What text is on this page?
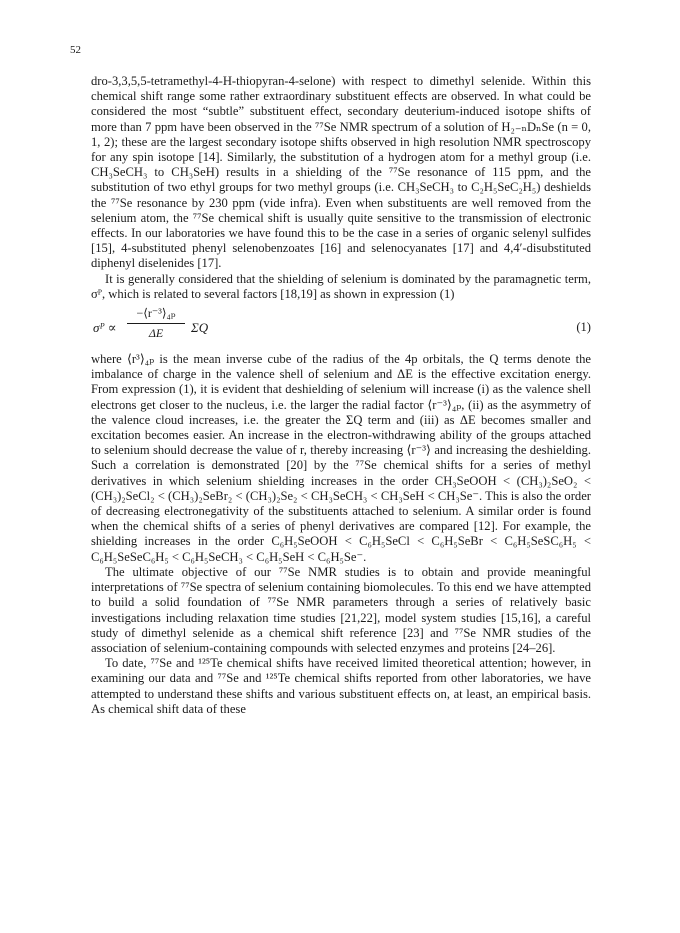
52

dro-3,3,5,5-tetramethyl-4-H-thiopyran-4-selone) with respect to dimethyl selenide. Within this chemical shift range some rather extraordinary substituent effects are observed. In what could be considered the most “subtle” substituent effect, secondary deuterium-induced isotope shifts of more than 7 ppm have been observed in the ⁷⁷Se NMR spectrum of a solution of H₂₋ₙDₙSe (n = 0, 1, 2); these are the largest secondary isotope shifts observed in high resolution NMR spectroscopy for any spin isotope [14]. Similarly, the substitution of a hydrogen atom for a methyl group (i.e. CH₃SeCH₃ to CH₃SeH) results in a shielding of the ⁷⁷Se resonance of 115 ppm, and the substitution of two ethyl groups for two methyl groups (i.e. CH₃SeCH₃ to C₂H₅SeC₂H₅) deshields the ⁷⁷Se resonance by 230 ppm (vide infra). Even when substituents are well removed from the selenium atom, the ⁷⁷Se chemical shift is usually quite sensitive to the transmission of electronic effects. In our laboratories we have found this to be the case in a series of organic selenyl sulfides [15], 4-substituted phenyl selenobenzoates [16] and selenocyanates [17] and 4,4′-disubstituted diphenyl diselenides [17].

It is generally considered that the shielding of selenium is dominated by the paramagnetic term, σᴾ, which is related to several factors [18,19] as shown in expression (1)

σᴾ ∝ $\frac{\text{−⟨r⁻³⟩₄ₚ}}{\Delta E}$ ΣQ	(1)

where ⟨r³⟩₄ₚ is the mean inverse cube of the radius of the 4p orbitals, the Q terms denote the imbalance of charge in the valence shell of selenium and ΔE is the effective excitation energy. From expression (1), it is evident that deshielding of selenium will increase (i) as the valence shell electrons get closer to the nucleus, i.e. the larger the radial factor ⟨r⁻³⟩₄ₚ, (ii) as the asymmetry of the valence cloud increases, i.e. the greater the ΣQ term and (iii) as ΔE becomes smaller and excitation becomes easier. An increase in the electron-withdrawing ability of the groups attached to selenium should decrease the value of r, thereby increasing ⟨r⁻³⟩ and increasing the deshielding. Such a correlation is demonstrated [20] by the ⁷⁷Se chemical shifts for a series of methyl derivatives in which selenium shielding increases in the order CH₃SeOOH < (CH₃)₂SeO₂ < (CH₃)₂SeCl₂ < (CH₃)₂SeBr₂ < (CH₃)₂Se₂ < CH₃SeCH₃ < CH₃SeH < CH₃Se⁻. This is also the order of decreasing electronegativity of the substituents attached to selenium. A similar order is found when the chemical shifts of a series of phenyl derivatives are compared [12]. For example, the shielding increases in the order C₆H₅SeOOH < C₆H₅SeCl < C₆H₅SeBr < C₆H₅SeSC₆H₅ < C₆H₅SeSeC₆H₅ < C₆H₅SeCH₃ < C₆H₅SeH < C₆H₅Se⁻.

The ultimate objective of our ⁷⁷Se NMR studies is to obtain and provide meaningful interpretations of ⁷⁷Se spectra of selenium containing biomolecules. To this end we have attempted to build a solid foundation of ⁷⁷Se NMR parameters through a series of relatively basic investigations including relaxation time studies [21,22], model system studies [15,16], a careful study of dimethyl selenide as a chemical shift reference [23] and ⁷⁷Se NMR studies of the association of selenium-containing compounds with selected enzymes and proteins [24–26].

To date, ⁷⁷Se and ¹²⁵Te chemical shifts have received limited theoretical attention; however, in examining our data and ⁷⁷Se and ¹²⁵Te chemical shifts reported from other laboratories, we have attempted to understand these shifts and various substituent effects on, at least, an empirical basis. As chemical shift data of these
